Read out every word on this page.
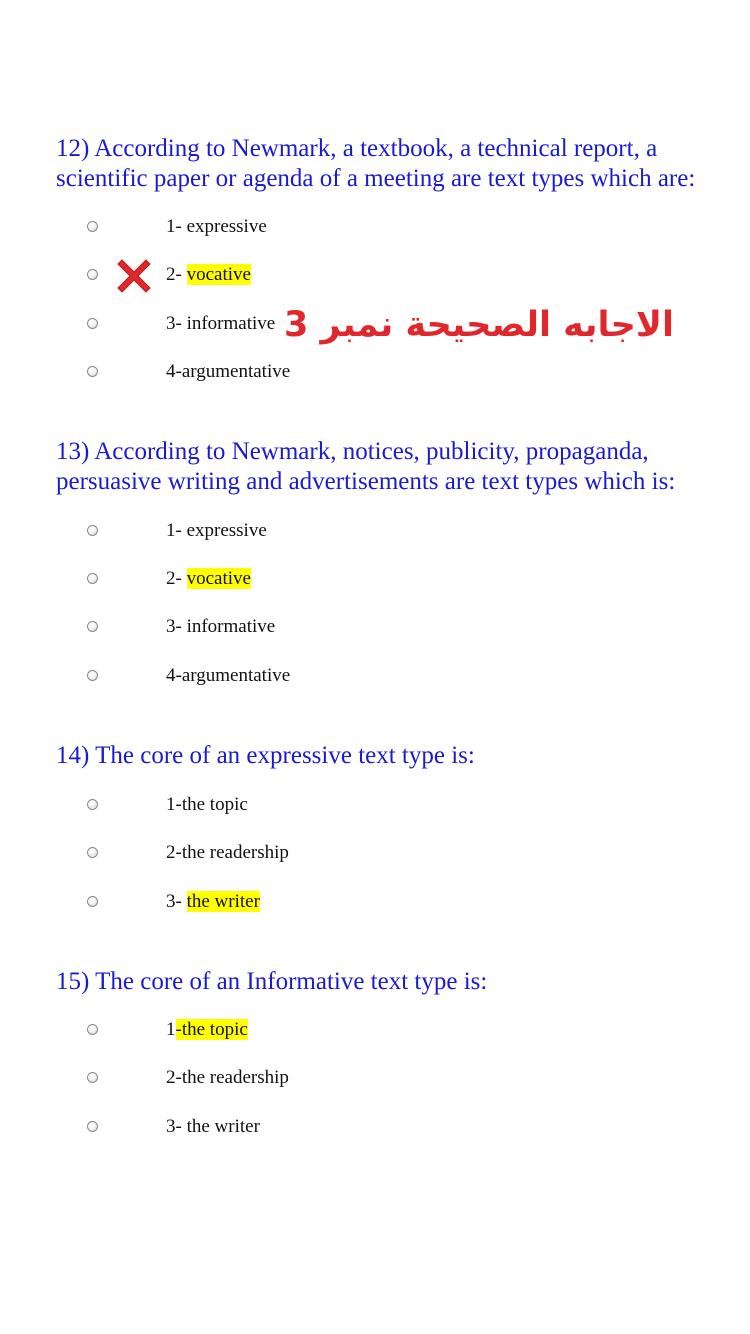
12) According to Newmark, a textbook, a technical report, a
scientific paper or agenda of a meeting are text types which are:
1- expressive
2- vocative
3- informative
4-argumentative
الاجابه الصحيحة نمبر 3
13) According to Newmark, notices, publicity, propaganda,
persuasive writing and advertisements are text types which is:
1- expressive
2- vocative
3- informative
4-argumentative
14) The core of an expressive text type is:
1-the topic
2-the readership
3- the writer
15) The core of an Informative text type is:
1-the topic
2-the readership
3- the writer
